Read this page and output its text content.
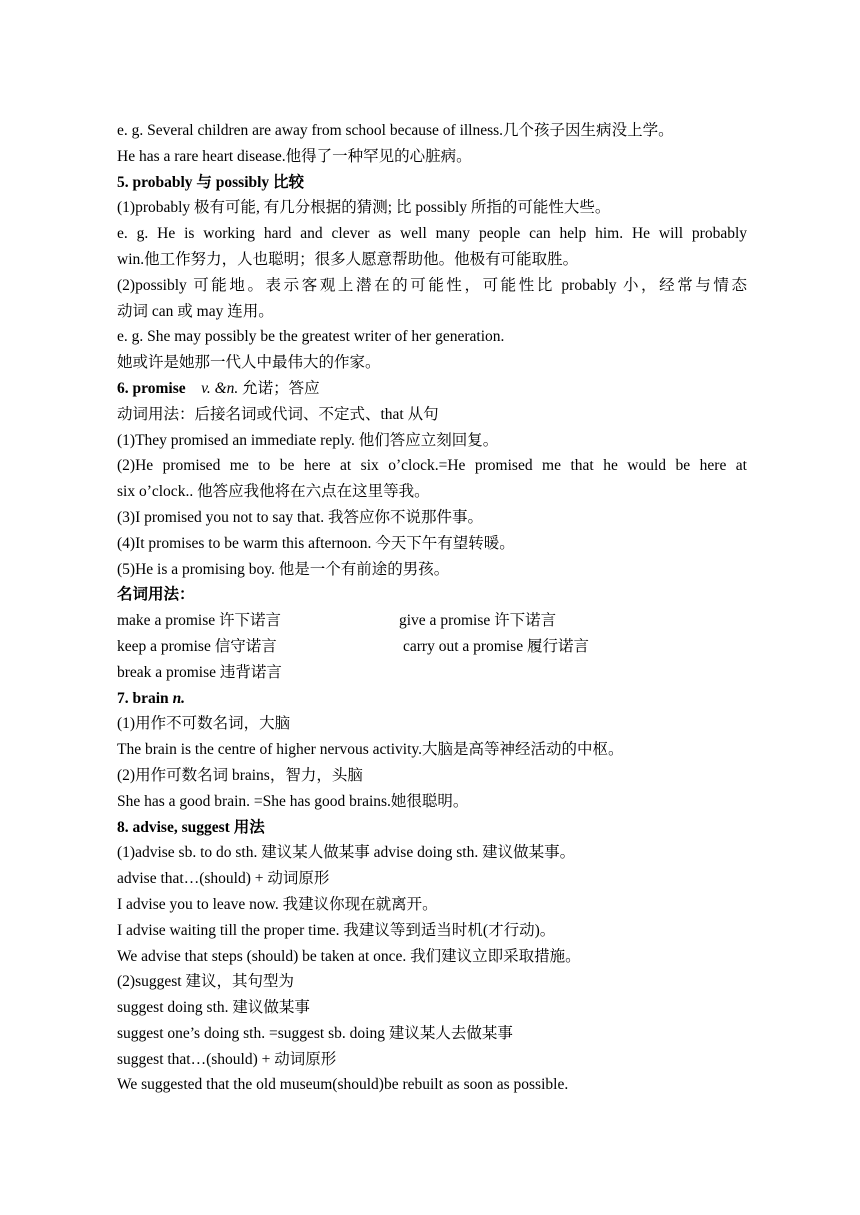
e. g. Several children are away from school because of illness.几个孩子因生病没上学。
He has a rare heart disease.他得了一种罕见的心脏病。
5. probably 与 possibly 比较
(1)probably 极有可能, 有几分根据的猜测; 比 possibly 所指的可能性大些。
e. g. He is working hard and clever as well many people can help him. He will probably
win.他工作努力，人也聪明；很多人愿意帮助他。他极有可能取胜。
(2)possibly 可能地。表示客观上潜在的可能性，可能性比 probably 小，经常与情态
动词 can 或 may 连用。
e. g. She may possibly be the greatest writer of her generation.
她或许是她那一代人中最伟大的作家。
6. promise v. &n. 允诺；答应
动词用法：后接名词或代词、不定式、that 从句
(1)They promised an immediate reply. 他们答应立刻回复。
(2)He promised me to be here at six o’clock.=He promised me that he would be here at
six o’clock.. 他答应我他将在六点在这里等我。
(3)I promised you not to say that. 我答应你不说那件事。
(4)It promises to be warm this afternoon. 今天下午有望转暖。
(5)He is a promising boy. 他是一个有前途的男孩。
名词用法：
make a promise 许下诺言	give a promise 许下诺言
keep a promise 信守诺言	carry out a promise 履行诺言
break a promise 违背诺言
7. brain n.
(1)用作不可数名词，大脑
The brain is the centre of higher nervous activity.大脑是高等神经活动的中枢。
(2)用作可数名词 brains，智力，头脑
She has a good brain. =She has good brains.她很聪明。
8. advise, suggest 用法
(1)advise sb. to do sth. 建议某人做某事 advise doing sth. 建议做某事。
advise that…(should) + 动词原形
I advise you to leave now. 我建议你现在就离开。
I advise waiting till the proper time. 我建议等到适当时机(才行动)。
We advise that steps (should) be taken at once. 我们建议立即采取措施。
(2)suggest 建议，其句型为
suggest doing sth. 建议做某事
suggest one’s doing sth. =suggest sb. doing 建议某人去做某事
suggest that…(should) + 动词原形
We suggested that the old museum(should)be rebuilt as soon as possible.
